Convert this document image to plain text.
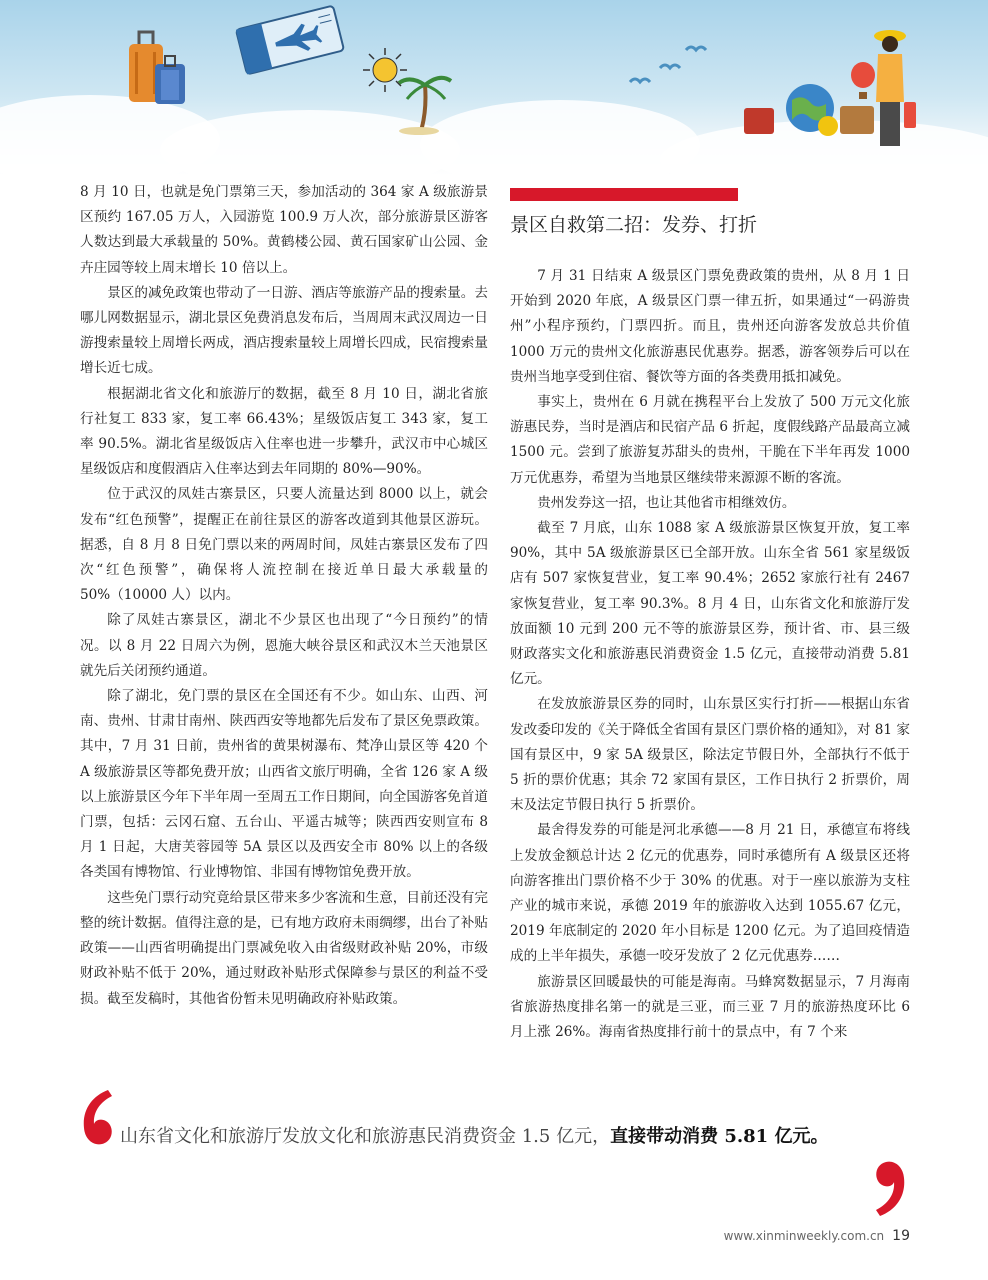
8 月 10 日，也就是免门票第三天，参加活动的 364 家 A 级旅游景区预约 167.05 万人，入园游览 100.9 万人次，部分旅游景区游客人数达到最大承载量的 50%。黄鹤楼公园、黄石国家矿山公园、金卉庄园等较上周末增长 10 倍以上。

景区的减免政策也带动了一日游、酒店等旅游产品的搜索量。去哪儿网数据显示，湖北景区免费消息发布后，当周周末武汉周边一日游搜索量较上周增长两成，酒店搜索量较上周增长四成，民宿搜索量增长近七成。

根据湖北省文化和旅游厅的数据，截至 8 月 10 日，湖北省旅行社复工 833 家，复工率 66.43%；星级饭店复工 343 家，复工率 90.5%。湖北省星级饭店入住率也进一步攀升，武汉市中心城区星级饭店和度假酒店入住率达到去年同期的 80%—90%。

位于武汉的凤娃古寨景区，只要人流量达到 8000 以上，就会发布“红色预警”，提醒正在前往景区的游客改道到其他景区游玩。据悉，自 8 月 8 日免门票以来的两周时间，凤娃古寨景区发布了四次“红色预警”，确保将人流控制在接近单日最大承载量的 50%（10000 人）以内。

除了凤娃古寨景区，湖北不少景区也出现了“今日预约”的情况。以 8 月 22 日周六为例，恩施大峡谷景区和武汉木兰天池景区就先后关闭预约通道。

除了湖北，免门票的景区在全国还有不少。如山东、山西、河南、贵州、甘肃甘南州、陕西西安等地都先后发布了景区免票政策。其中，7 月 31 日前，贵州省的黄果树瀑布、梵净山景区等 420 个 A 级旅游景区等都免费开放；山西省文旅厅明确，全省 126 家 A 级以上旅游景区今年下半年周一至周五工作日期间，向全国游客免首道门票，包括：云冈石窟、五台山、平遥古城等；陕西西安则宣布 8 月 1 日起，大唐芙蓉园等 5A 景区以及西安全市 80% 以上的各级各类国有博物馆、行业博物馆、非国有博物馆免费开放。

这些免门票行动究竟给景区带来多少客流和生意，目前还没有完整的统计数据。值得注意的是，已有地方政府未雨绸缪，出台了补贴政策——山西省明确提出门票减免收入由省级财政补贴 20%，市级财政补贴不低于 20%，通过财政补贴形式保障参与景区的利益不受损。截至发稿时，其他省份暂未见明确政府补贴政策。

景区自救第二招：发券、打折

7 月 31 日结束 A 级景区门票免费政策的贵州，从 8 月 1 日开始到 2020 年底，A 级景区门票一律五折，如果通过“一码游贵州”小程序预约，门票四折。而且，贵州还向游客发放总共价值 1000 万元的贵州文化旅游惠民优惠券。据悉，游客领券后可以在贵州当地享受到住宿、餐饮等方面的各类费用抵扣减免。

事实上，贵州在 6 月就在携程平台上发放了 500 万元文化旅游惠民券，当时是酒店和民宿产品 6 折起，度假线路产品最高立减 1500 元。尝到了旅游复苏甜头的贵州，干脆在下半年再发 1000 万元优惠券，希望为当地景区继续带来源源不断的客流。

贵州发券这一招，也让其他省市相继效仿。

截至 7 月底，山东 1088 家 A 级旅游景区恢复开放，复工率 90%，其中 5A 级旅游景区已全部开放。山东全省 561 家星级饭店有 507 家恢复营业，复工率 90.4%；2652 家旅行社有 2467 家恢复营业，复工率 90.3%。8 月 4 日，山东省文化和旅游厅发放面额 10 元到 200 元不等的旅游景区券，预计省、市、县三级财政落实文化和旅游惠民消费资金 1.5 亿元，直接带动消费 5.81 亿元。

在发放旅游景区券的同时，山东景区实行打折——根据山东省发改委印发的《关于降低全省国有景区门票价格的通知》，对 81 家国有景区中，9 家 5A 级景区，除法定节假日外，全部执行不低于 5 折的票价优惠；其余 72 家国有景区，工作日执行 2 折票价，周末及法定节假日执行 5 折票价。

最舍得发券的可能是河北承德——8 月 21 日，承德宣布将线上发放金额总计达 2 亿元的优惠券，同时承德所有 A 级景区还将向游客推出门票价格不少于 30% 的优惠。对于一座以旅游为支柱产业的城市来说，承德 2019 年的旅游收入达到 1055.67 亿元，2019 年底制定的 2020 年小目标是 1200 亿元。为了追回疫情造成的上半年损失，承德一咬牙发放了 2 亿元优惠券……

旅游景区回暖最快的可能是海南。马蜂窝数据显示，7 月海南省旅游热度排名第一的就是三亚，而三亚 7 月的旅游热度环比 6 月上涨 26%。海南省热度排行前十的景点中，有 7 个来

山东省文化和旅游厅发放文化和旅游惠民消费资金 1.5 亿元，直接带动消费 5.81 亿元。
www.xinminweekly.com.cn 19
